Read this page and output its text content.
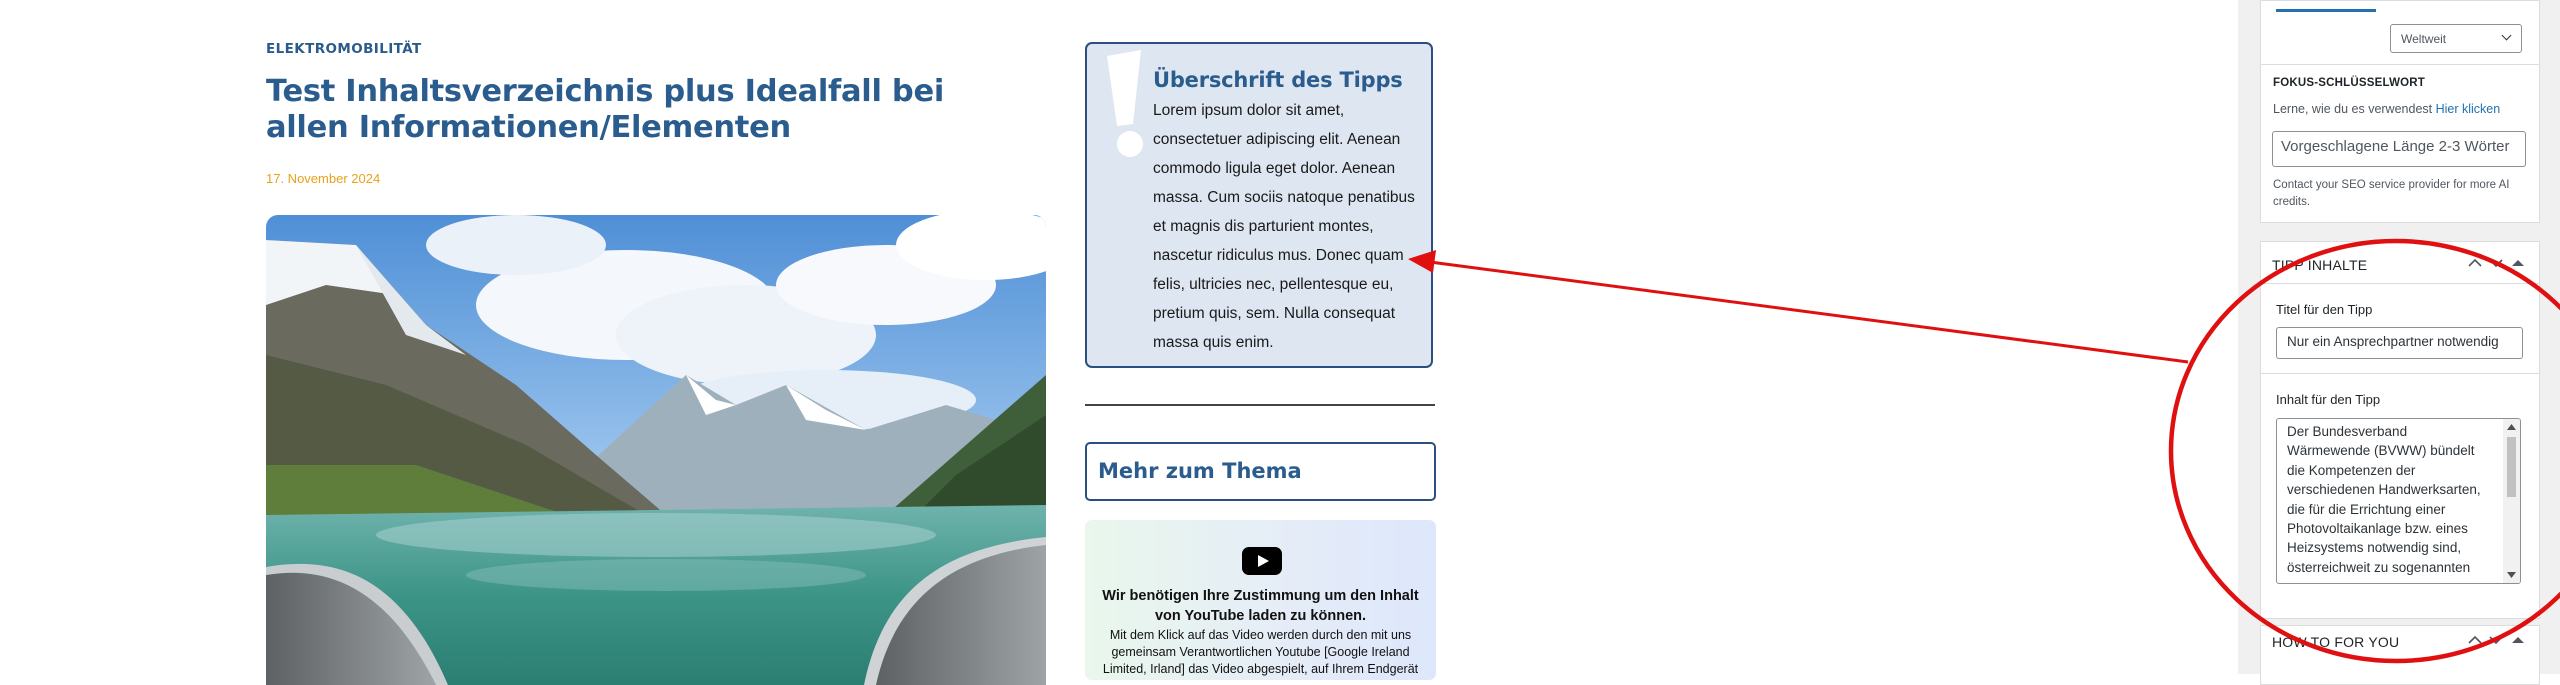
ELEKTROMOBILITÄT
Test Inhaltsverzeichnis plus Idealfall bei allen Informationen/Elementen
17. November 2024
Überschrift des Tipps
Lorem ipsum dolor sit amet, consectetuer adipiscing elit. Aenean commodo ligula eget dolor. Aenean massa. Cum sociis natoque penatibus et magnis dis parturient montes, nascetur ridiculus mus. Donec quam felis, ultricies nec, pellentesque eu, pretium quis, sem. Nulla consequat massa quis enim.
Mehr zum Thema
Wir benötigen Ihre Zustimmung um den Inhalt von YouTube laden zu können.
Mit dem Klick auf das Video werden durch den mit uns gemeinsam Verantwortlichen Youtube [Google Ireland Limited, Irland] das Video abgespielt, auf Ihrem Endgerät
Weltweit
FOKUS-SCHLÜSSELWORT
Lerne, wie du es verwendest Hier klicken
Vorgeschlagene Länge 2-3 Wörter
Contact your SEO service provider for more AI credits.
TIPP INHALTE
Titel für den Tipp
Nur ein Ansprechpartner notwendig
Inhalt für den Tipp
Der Bundesverband Wärmewende (BVWW) bündelt die Kompetenzen der verschiedenen Handwerksarten, die für die Errichtung einer Photovoltaikanlage bzw. eines Heizsystems notwendig sind, österreichweit zu sogenannten
HOW TO FOR YOU
